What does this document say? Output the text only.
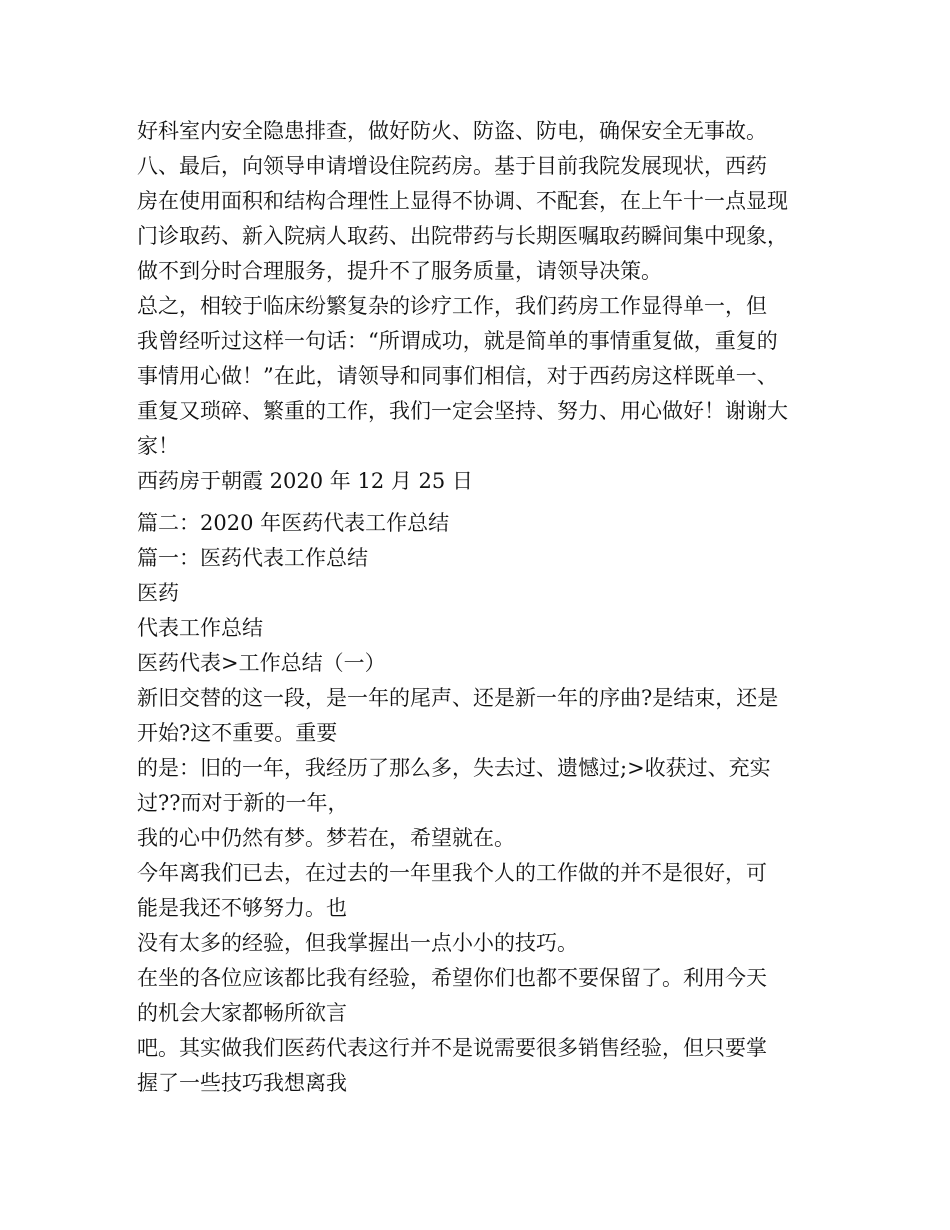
好科室内安全隐患排查，做好防火、防盗、防电，确保安全无事故。

八、最后，向领导申请增设住院药房。基于目前我院发展现状，西药

房在使用面积和结构合理性上显得不协调、不配套，在上午十一点显现

门诊取药、新入院病人取药、出院带药与长期医嘱取药瞬间集中现象，

做不到分时合理服务，提升不了服务质量，请领导决策。

总之，相较于临床纷繁复杂的诊疗工作，我们药房工作显得单一，但

我曾经听过这样一句话：“所谓成功，就是简单的事情重复做，重复的

事情用心做！”在此，请领导和同事们相信，对于西药房这样既单一、

重复又琐碎、繁重的工作，我们一定会坚持、努力、用心做好！谢谢大

家！

西药房于朝霞 2020 年 12 月 25 日

篇二：2020 年医药代表工作总结

篇一：医药代表工作总结

医药

代表工作总结

医药代表>工作总结（一）

新旧交替的这一段，是一年的尾声、还是新一年的序曲?是结束，还是

开始?这不重要。重要

的是：旧的一年，我经历了那么多，失去过、遗憾过;>收获过、充实

过??而对于新的一年，

我的心中仍然有梦。梦若在，希望就在。

今年离我们已去，在过去的一年里我个人的工作做的并不是很好，可

能是我还不够努力。也

没有太多的经验，但我掌握出一点小小的技巧。

在坐的各位应该都比我有经验，希望你们也都不要保留了。利用今天

的机会大家都畅所欲言

吧。其实做我们医药代表这行并不是说需要很多销售经验，但只要掌

握了一些技巧我想离我
